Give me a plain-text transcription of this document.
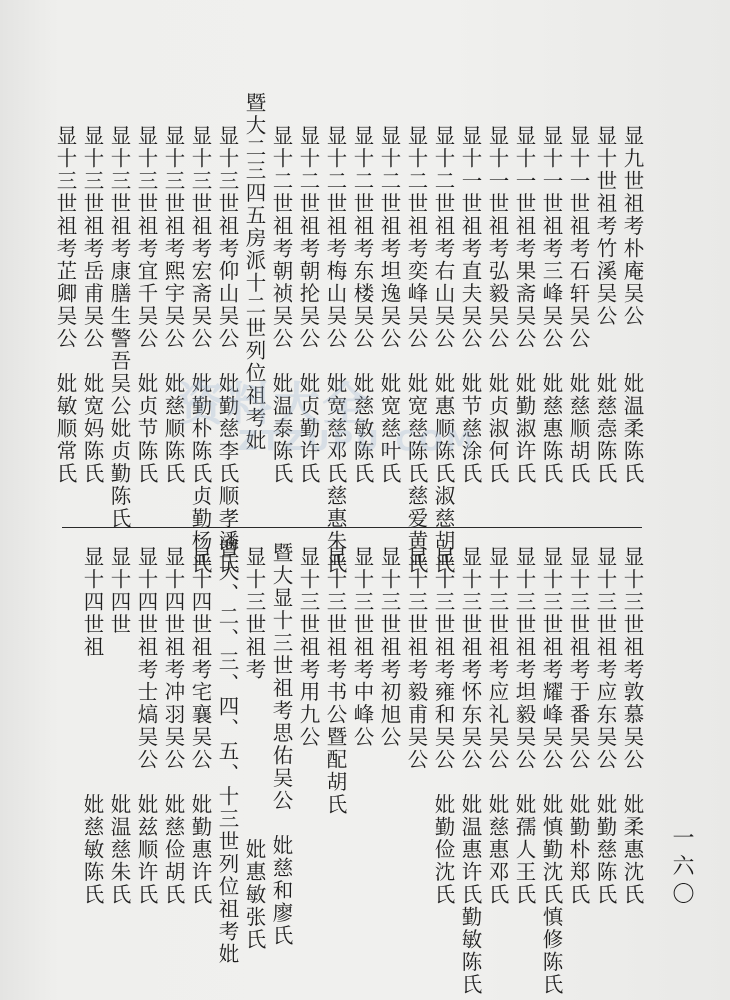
显九世祖考朴庵吴公　　妣温柔陈氏
显十世祖考竹溪吴公　　妣慈悫陈氏
显十一世祖考石轩吴公　妣慈顺胡氏
显十一世祖考三峰吴公　妣慈惠陈氏
显十一世祖考果斋吴公　妣勤淑许氏
显十一世祖考弘毅吴公　妣贞淑何氏
显十一世祖考直夫吴公　妣节慈涂氏
显十二世祖考右山吴公　妣惠顺陈氏淑慈胡氏
显十二世祖考奕峰吴公　妣宽慈陈氏慈爱黄氏
显十二世祖考坦逸吴公　妣宽慈叶氏
显十二世祖考东楼吴公　妣慈敏陈氏
显十二世祖考梅山吴公　妣宽慈邓氏慈惠朱氏
显十二世祖考朝抡吴公　妣贞勤许氏
显十二世祖考朝祯吴公　妣温泰陈氏
暨大二三四五房派十二世列位祖考妣
显十三世祖考仰山吴公　妣勤慈李氏顺孝潘氏
显十三世祖考宏斋吴公　妣勤朴陈氏贞勤杨氏
显十三世祖考熙宇吴公　妣慈顺陈氏
显十三世祖考宜千吴公　妣贞节陈氏
显十三世祖考康膳生警吾吴公妣贞勤陈氏
显十三世祖考岳甫吴公　妣宽妈陈氏
显十三世祖考芷卿吴公　妣敏顺常氏
显十三世祖考敦慕吴公　妣柔惠沈氏
显十三世祖考应东吴公　妣勤慈陈氏
显十三世祖考于番吴公　妣勤朴郑氏
显十三世祖考耀峰吴公　妣慎勤沈氏慎修陈氏
显十三世祖考坦毅吴公　妣孺人王氏
显十三世祖考应礼吴公　妣慈惠邓氏
显十三世祖考怀东吴公　妣温惠许氏勤敏陈氏
显十三世祖考雍和吴公　妣勤俭沈氏
显十三世祖考毅甫吴公
显十三世祖考初旭公
显十三世祖考中峰公
显十三世祖考书公暨配胡氏
显十三世祖考用九公
暨大显十三世祖考思佑吴公　妣慈和廖氏
显十三世祖考　　　　　　　妣惠敏张氏
暨大、二、三、四、五、十三世列位祖考妣
显十四世祖考宅襄吴公　妣勤惠许氏
显十四世祖考冲羽吴公　妣慈俭胡氏
显十四世祖考士熇吴公　妣兹顺许氏
显十四世　　　　　　　妣温慈朱氏
显十四世祖　　　　　　妣慈敏陈氏	一六〇
资料大全
ZTZUPU.COM
